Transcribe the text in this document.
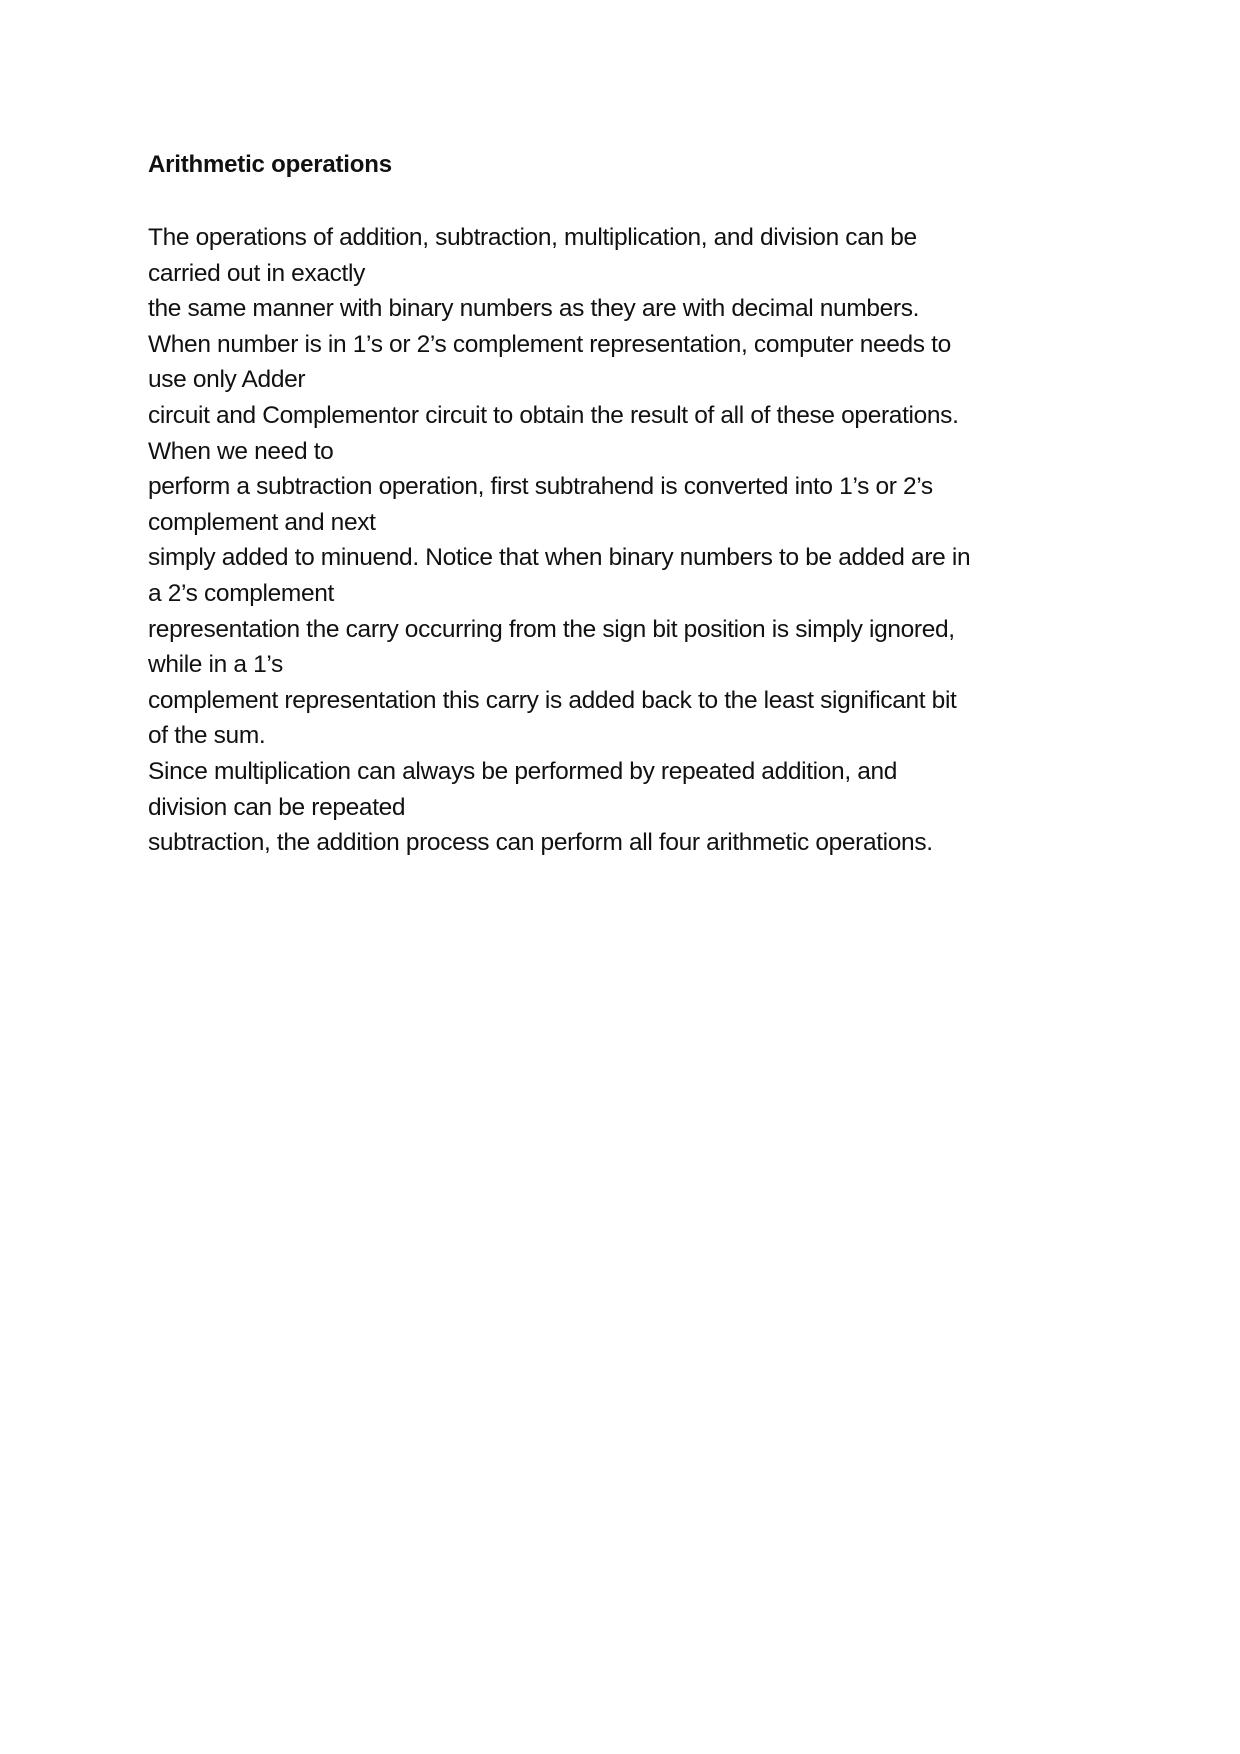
Arithmetic operations
The operations of addition, subtraction, multiplication, and division can be
carried out in exactly
the same manner with binary numbers as they are with decimal numbers.
When number is in 1’s or 2’s complement representation, computer needs to
use only Adder
circuit and Complementor circuit to obtain the result of all of these operations.
When we need to
perform a subtraction operation, first subtrahend is converted into 1’s or 2’s
complement and next
simply added to minuend. Notice that when binary numbers to be added are in
a 2’s complement
representation the carry occurring from the sign bit position is simply ignored,
while in a 1’s
complement representation this carry is added back to the least significant bit
of the sum.
Since multiplication can always be performed by repeated addition, and
division can be repeated
subtraction, the addition process can perform all four arithmetic operations.
